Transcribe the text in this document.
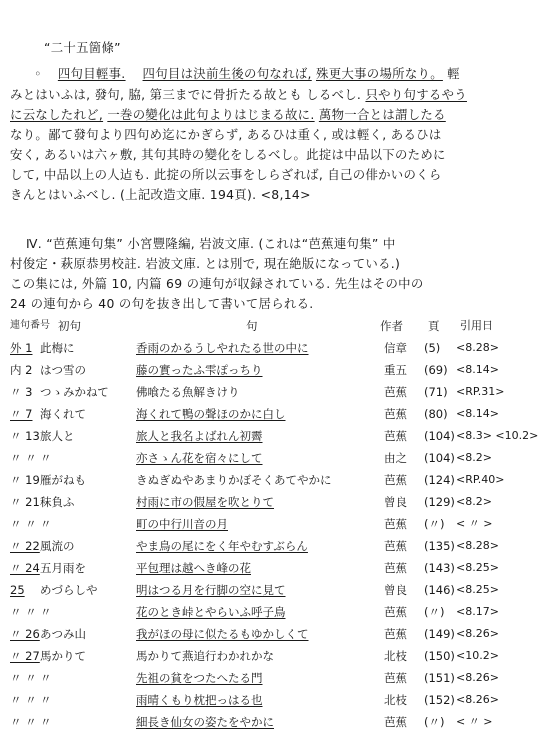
“二十五箇條”
◦ 四句目輕事. 四句目は決前生後の句なれば, 殊更大事の場所なり。 輕
みとはいふは, 發句, 脇, 第三までに骨折たる故とも しるべし. 只やり句するやう
に云なしたれど, 一巻の變化は此句よりはじまる故に. 萬物一合とは謂したる
なり。鄙て發句より四句め迄にかぎらず, あるひは重く, 或は輕く, あるひは
安く, あるいは六ヶ敷, 其句其時の變化をしるべし。此掟は中品以下のために
して, 中品以上の人迠も. 此掟の所以云事をしらざれば, 自己の俳かいのくら
きんとはいふべし. (上記改造文庫. 194頁). <8,14>
Ⅳ. “芭蕉連句集” 小宮豐隆編, 岩波文庫. (これは“芭蕉連句集” 中
村俊定・萩原恭男校註. 岩波文庫. とは別で, 現在絶版になっている.)
この集には, 外篇 10, 内篇 69 の連句が収録されている. 先生はその中の
24 の連句から 40 の句を抜き出して書いて居られる.
連句番号 初句	句	作者	頁	引用日
外 1 此梅に	香雨のかるうしやれたる世の中に	信章	(5)	<8.28>
内 2 はつ雪の	藤の實ったふ雫ぽっちり	重五	(69) <8.14>
〃 3 つゝみかねて	佛喰たる魚解きけり	芭蕉	(71) <RP.31>
〃 7 海くれて	海くれて鴨の聲ほのかに白し	芭蕉	(80) <8.14>
〃 13 旅人と	旅人と我名よばれん初霽	芭蕉	(104) <8.3> <10.2>
〃 〃 〃	亦さゝん花を宿々にして	由之	(104) <8.2>
〃 19 雁がねも	きぬぎぬやあまりかぼそくあてやかに	芭蕉	(124) <RP.40>
〃 21 秣負ふ	村雨に市の假屋を吹とりて	曾良	(129) <8.2>
〃 〃 〃	町の中行川音の月	芭蕉	(〃)	< 〃 >
〃 22 風流の	やま鳥の尾にをく年やむすぶらん	芭蕉	(135) <8.28>
〃 24 五月雨を	平包理は越へき峰の花	芭蕉	(143) <8.25>
25	めづらしや	明はつる月を行脚の空に見て	曾良	(146) <8.25>
〃 〃 〃	花のとき峠とやらいふ呼子鳥	芭蕉	(〃)	<8.17>
〃 26 あつみ山	我がほの母に似たるもゆかしくて	芭蕉	(149) <8.26>
〃 27 馬かりて	馬かりて燕追行わかれかな	北枝	(150) <10.2>
〃 〃 〃	先祖の貧をつたへたる門	芭蕉	(151) <8.26>
〃 〃 〃	雨晴くもり枕把っはる也	北枝	(152) <8.26>
〃 〃 〃	細長き仙女の姿たをやかに	芭蕉	(〃)	< 〃 >
